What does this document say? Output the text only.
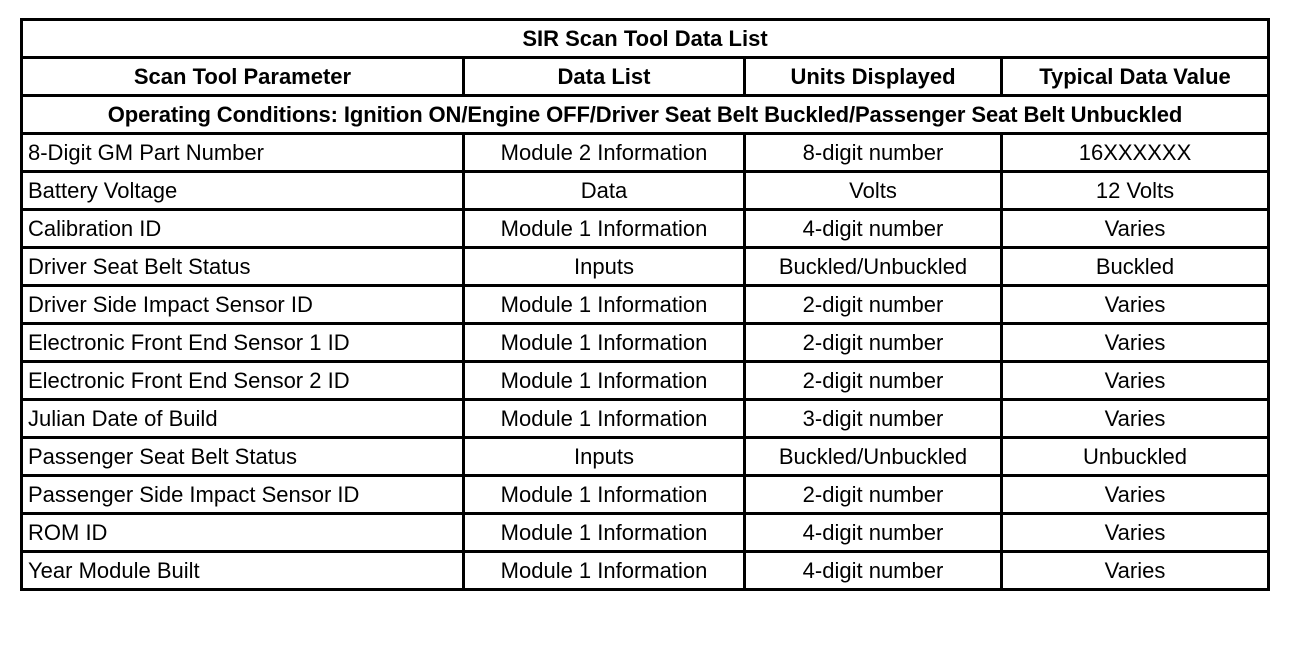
SIR Scan Tool Data List			
Scan Tool Parameter	Data List	Units Displayed	Typical Data Value
Operating Conditions: Ignition ON/Engine OFF/Driver Seat Belt Buckled/Passenger Seat Belt Unbuckled			
8-Digit GM Part Number	Module 2 Information	8-digit number	16XXXXXX
Battery Voltage	Data	Volts	12 Volts
Calibration ID	Module 1 Information	4-digit number	Varies
Driver Seat Belt Status	Inputs	Buckled/Unbuckled	Buckled
Driver Side Impact Sensor ID	Module 1 Information	2-digit number	Varies
Electronic Front End Sensor 1 ID	Module 1 Information	2-digit number	Varies
Electronic Front End Sensor 2 ID	Module 1 Information	2-digit number	Varies
Julian Date of Build	Module 1 Information	3-digit number	Varies
Passenger Seat Belt Status	Inputs	Buckled/Unbuckled	Unbuckled
Passenger Side Impact Sensor ID	Module 1 Information	2-digit number	Varies
ROM ID	Module 1 Information	4-digit number	Varies
Year Module Built	Module 1 Information	4-digit number	Varies
